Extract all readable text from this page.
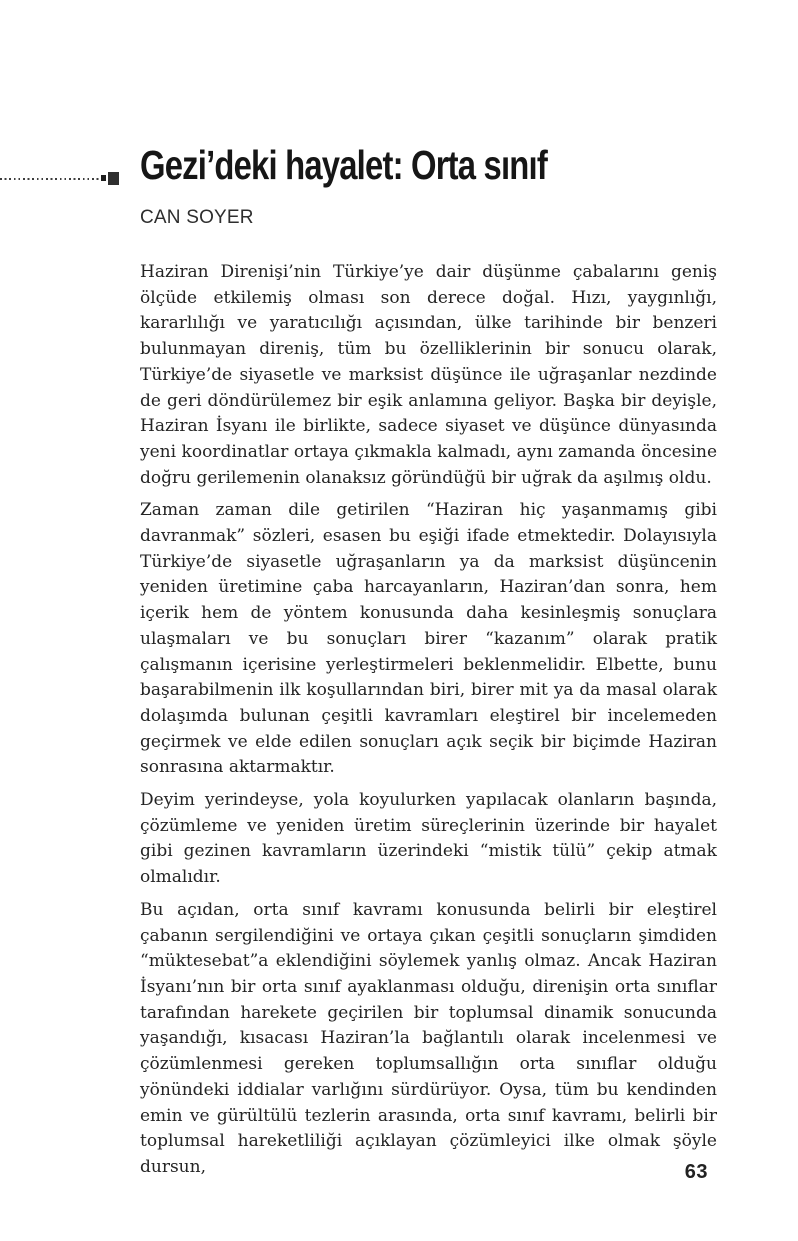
Gezi’deki hayalet: Orta sınıf
CAN SOYER

Haziran Direnişi’nin Türkiye’ye dair düşünme çabalarını geniş ölçüde etkilemiş olması son derece doğal. Hızı, yaygınlığı, kararlılığı ve yaratıcılığı açısından, ülke tarihinde bir benzeri bulunmayan direniş, tüm bu özelliklerinin bir sonucu olarak, Türkiye’de siyasetle ve marksist düşünce ile uğraşanlar nezdinde de geri döndürülemez bir eşik anlamına geliyor. Başka bir deyişle, Haziran İsyanı ile birlikte, sadece siyaset ve düşünce dünyasında yeni koordinatlar ortaya çıkmakla kalmadı, aynı zamanda öncesine doğru gerilemenin olanaksız göründüğü bir uğrak da aşılmış oldu.

Zaman zaman dile getirilen “Haziran hiç yaşanmamış gibi davranmak” sözleri, esasen bu eşiği ifade etmektedir. Dolayısıyla Türkiye’de siyasetle uğraşanların ya da marksist düşüncenin yeniden üretimine çaba harcayanların, Haziran’dan sonra, hem içerik hem de yöntem konusunda daha kesinleşmiş sonuçlara ulaşmaları ve bu sonuçları birer “kazanım” olarak pratik çalışmanın içerisine yerleştirmeleri beklenmelidir. Elbette, bunu başarabilmenin ilk koşullarından biri, birer mit ya da masal olarak dolaşımda bulunan çeşitli kavramları eleştirel bir incelemeden geçirmek ve elde edilen sonuçları açık seçik bir biçimde Haziran sonrasına aktarmaktır.

Deyim yerindeyse, yola koyulurken yapılacak olanların başında, çözümleme ve yeniden üretim süreçlerinin üzerinde bir hayalet gibi gezinen kavramların üzerindeki “mistik tülü” çekip atmak olmalıdır.

Bu açıdan, orta sınıf kavramı konusunda belirli bir eleştirel çabanın sergilendiğini ve ortaya çıkan çeşitli sonuçların şimdiden “müktesebat”a eklendiğini söylemek yanlış olmaz. Ancak Haziran İsyanı’nın bir orta sınıf ayaklanması olduğu, direnişin orta sınıflar tarafından harekete geçirilen bir toplumsal dinamik sonucunda yaşandığı, kısacası Haziran’la bağlantılı olarak incelenmesi ve çözümlenmesi gereken toplumsallığın orta sınıflar olduğu yönündeki iddialar varlığını sürdürüyor. Oysa, tüm bu kendinden emin ve gürültülü tezlerin arasında, orta sınıf kavramı, belirli bir toplumsal hareketliliği açıklayan çözümleyici ilke olmak şöyle dursun,	63
